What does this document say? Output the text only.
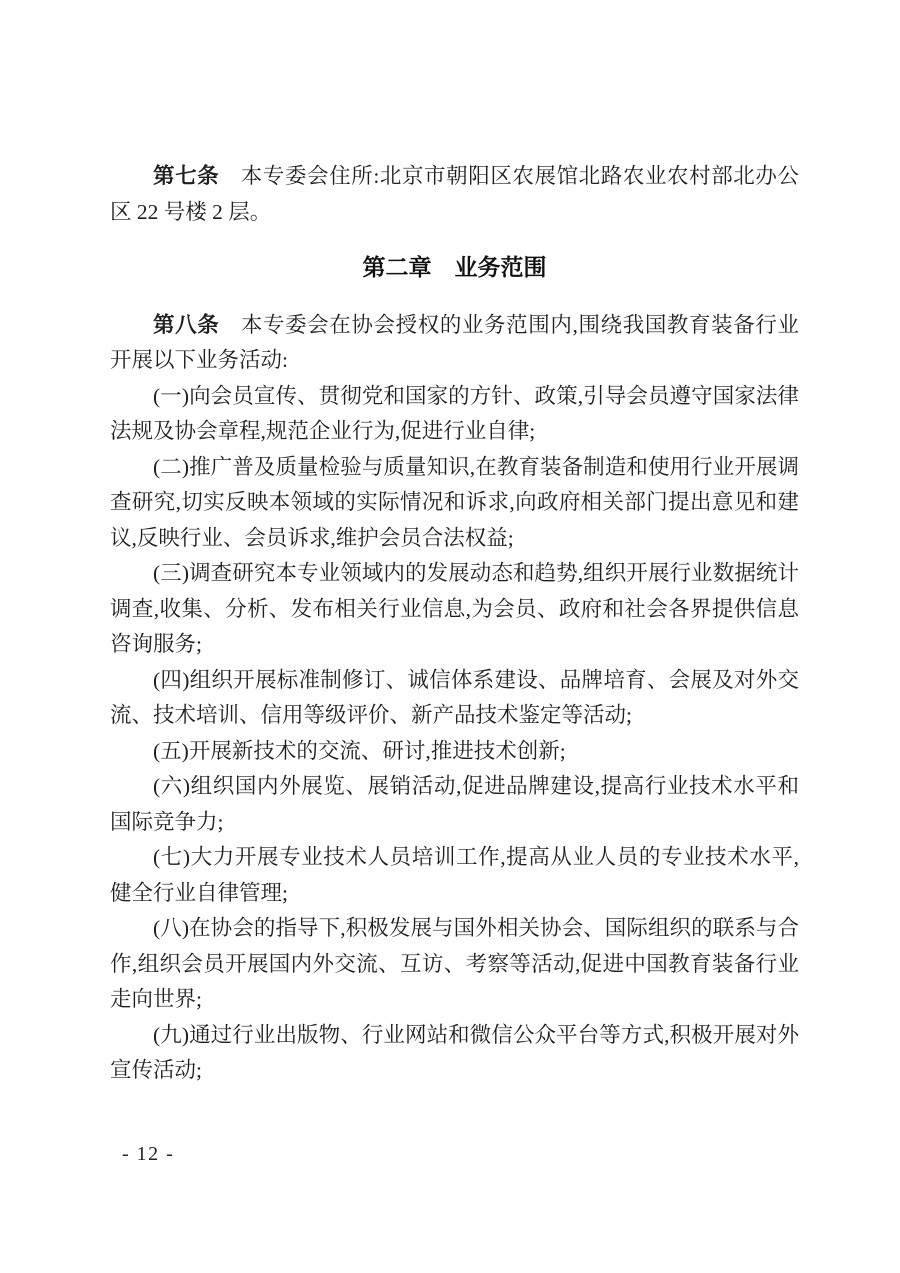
第七条 本专委会住所:北京市朝阳区农展馆北路农业农村部北办公区 22 号楼 2 层。

第二章　业务范围

第八条 本专委会在协会授权的业务范围内,围绕我国教育装备行业开展以下业务活动:

(一)向会员宣传、贯彻党和国家的方针、政策,引导会员遵守国家法律法规及协会章程,规范企业行为,促进行业自律;

(二)推广普及质量检验与质量知识,在教育装备制造和使用行业开展调查研究,切实反映本领域的实际情况和诉求,向政府相关部门提出意见和建议,反映行业、会员诉求,维护会员合法权益;

(三)调查研究本专业领域内的发展动态和趋势,组织开展行业数据统计调查,收集、分析、发布相关行业信息,为会员、政府和社会各界提供信息咨询服务;

(四)组织开展标准制修订、诚信体系建设、品牌培育、会展及对外交流、技术培训、信用等级评价、新产品技术鉴定等活动;

(五)开展新技术的交流、研讨,推进技术创新;

(六)组织国内外展览、展销活动,促进品牌建设,提高行业技术水平和国际竞争力;

(七)大力开展专业技术人员培训工作,提高从业人员的专业技术水平,健全行业自律管理;

(八)在协会的指导下,积极发展与国外相关协会、国际组织的联系与合作,组织会员开展国内外交流、互访、考察等活动,促进中国教育装备行业走向世界;

(九)通过行业出版物、行业网站和微信公众平台等方式,积极开展对外宣传活动;

- 12 -
